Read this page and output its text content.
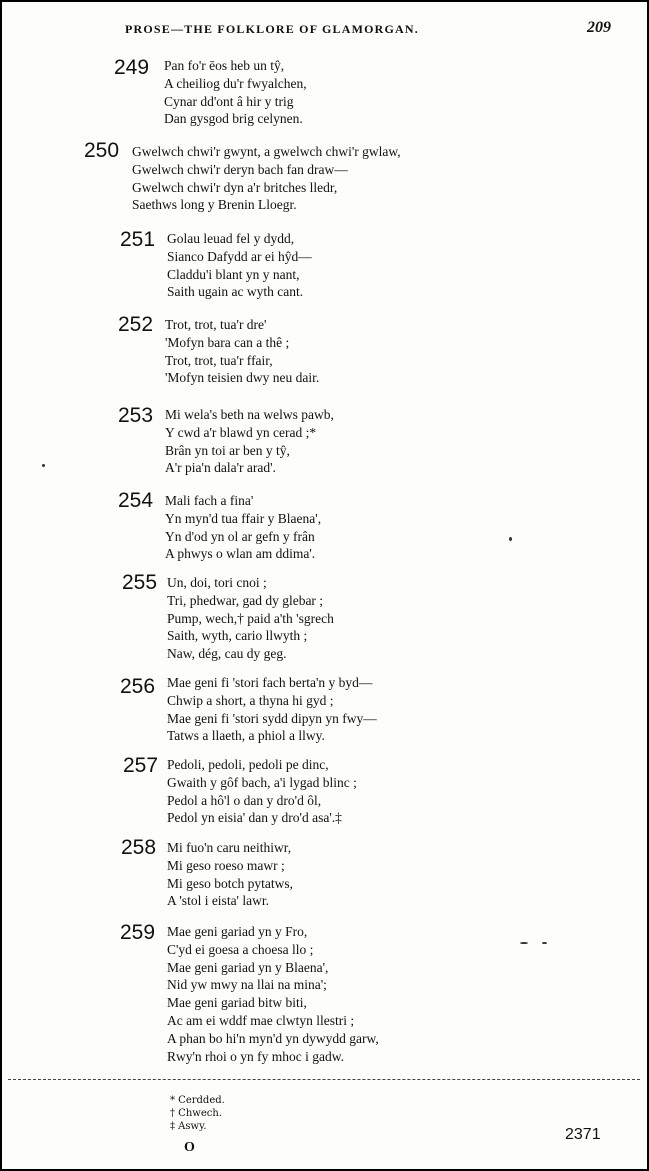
PROSE—THE FOLKLORE OF GLAMORGAN.	209
249 Pan fo'r ēos heb un tŷ,
A cheiliog du'r fwyalchen,
Cynar dd'ont â hir y trig
Dan gysgod brig celynen.
250 Gwelwch chwi'r gwynt, a gwelwch chwi'r gwlaw,
Gwelwch chwi'r deryn bach fan draw—
Gwelwch chwi'r dyn a'r britches lledr,
Saethws long y Brenin Lloegr.
251 Golau leuad fel y dydd,
Sianco Dafydd ar ei hŷd—
Claddu'i blant yn y nant,
Saith ugain ac wyth cant.
252 Trot, trot, tua'r dre'
'Mofyn bara can a thê ;
Trot, trot, tua'r ffair,
'Mofyn teisien dwy neu dair.
253 Mi wela's beth na welws pawb,
Y cwd a'r blawd yn cerad ;*
Brân yn toi ar ben y tŷ,
A'r pia'n dala'r arad'.
254 Mali fach a fina'
Yn myn'd tua ffair y Blaena',
Yn d'od yn ol ar gefn y frân
A phwys o wlan am ddima'.
255 Un, doi, tori cnoi ;
Tri, phedwar, gad dy glebar ;
Pump, wech,† paid a'th 'sgrech
Saith, wyth, cario llwyth ;
Naw, dég, cau dy geg.
256 Mae geni fi 'stori fach berta'n y byd—
Chwip a short, a thyna hi gyd ;
Mae geni fi 'stori sydd dipyn yn fwy—
Tatws a llaeth, a phiol a llwy.
257 Pedoli, pedoli, pedoli pe dinc,
Gwaith y gôf bach, a'i lygad blinc ;
Pedol a hô'l o dan y dro'd ôl,
Pedol yn eisia' dan y dro'd asa'.‡
258 Mi fuo'n caru neithiwr,
Mi geso roeso mawr ;
Mi geso botch pytatws,
A 'stol i eista' lawr.
259 Mae geni gariad yn y Fro,
C'yd ei goesa a choesa llo ;
Mae geni gariad yn y Blaena',
Nid yw mwy na llai na mina';
Mae geni gariad bitw biti,
Ac am ei wddf mae clwtyn llestri ;
A phan bo hi'n myn'd yn dywydd garw,
Rwy'n rhoi o yn fy mhoc i gadw.
* Cerdded.
† Chwech.
‡ Aswy.
O
2371
